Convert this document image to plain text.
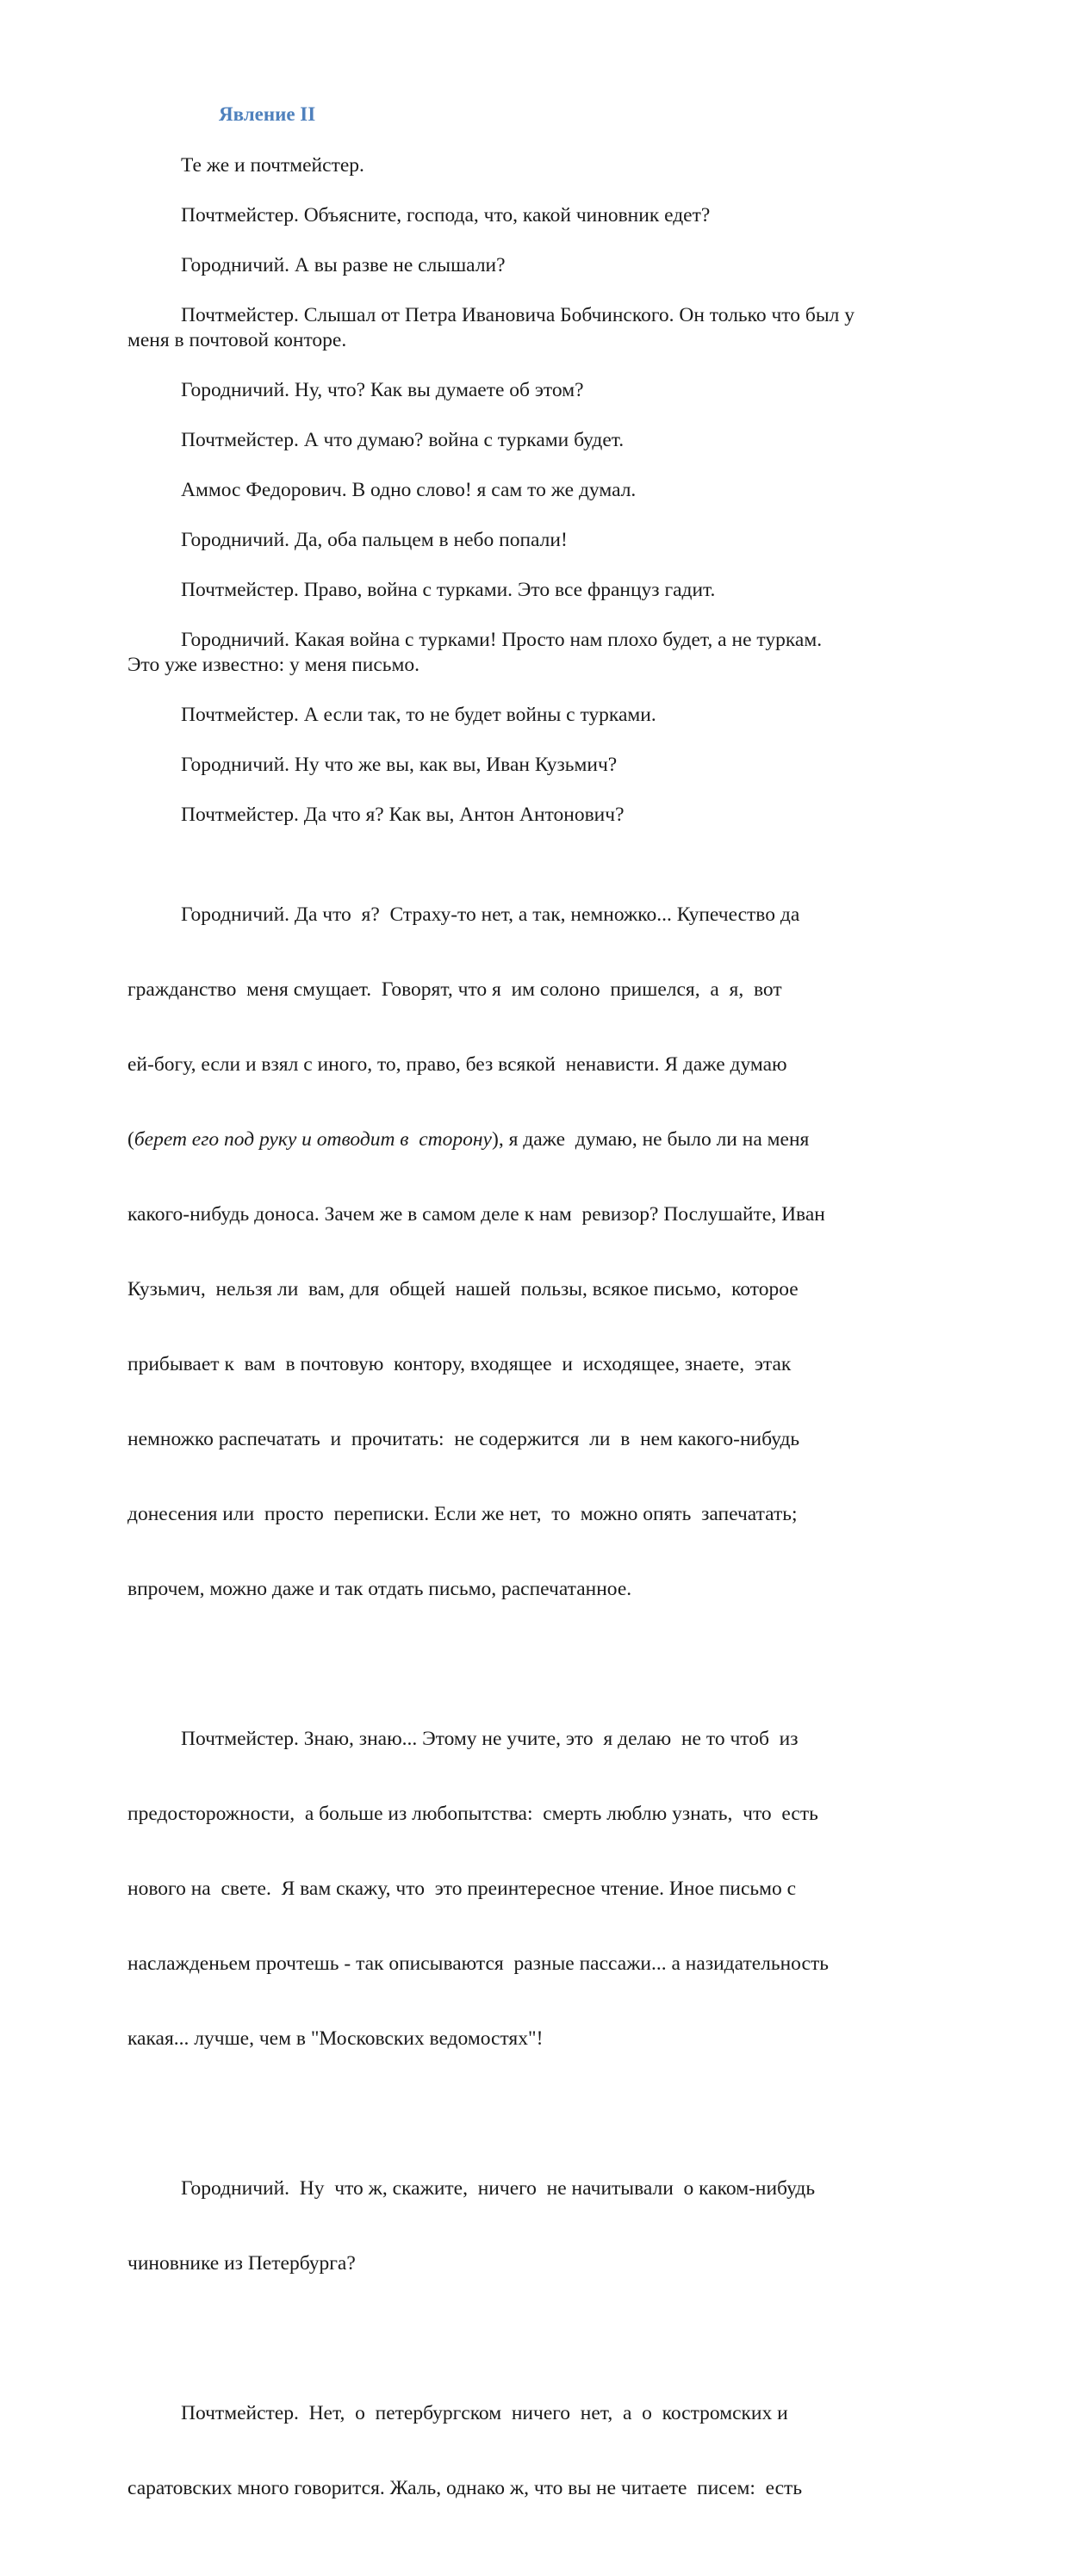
Явление II

Те же и почтмейстер.

Почтмейстер. Объясните, господа, что, какой чиновник едет?

Городничий. А вы разве не слышали?

Почтмейстер. Слышал от Петра Ивановича Бобчинского. Он только что был у
меня в почтовой конторе.

Городничий. Ну, что? Как вы думаете об этом?

Почтмейстер. А что думаю? война с турками будет.

Аммос Федорович. В одно слово! я сам то же думал.

Городничий. Да, оба пальцем в небо попали!

Почтмейстер. Право, война с турками. Это все француз гадит.

Городничий. Какая война с турками! Просто нам плохо будет, а не туркам.
Это уже известно: у меня письмо.

Почтмейстер. А если так, то не будет войны с турками.

Городничий. Ну что же вы, как вы, Иван Кузьмич?

Почтмейстер. Да что я? Как вы, Антон Антонович?

Городничий. Да что  я?  Страху-то нет, а так, немножко... Купечество да

гражданство  меня смущает.  Говорят, что я  им солоно  пришелся,  а  я,  вот

ей-богу, если и взял с иного, то, право, без всякой  ненависти. Я даже думаю

(берет его под руку и отводит в  сторону), я даже  думаю, не было ли на меня

какого-нибудь доноса. Зачем же в самом деле к нам  ревизор? Послушайте, Иван

Кузьмич,  нельзя ли  вам, для  общей  нашей  пользы, всякое письмо,  которое

прибывает к  вам  в почтовую  контору, входящее  и  исходящее, знаете,  этак

немножко распечатать  и  прочитать:  не содержится  ли  в  нем какого-нибудь

донесения или  просто  переписки. Если же нет,  то  можно опять  запечатать;

впрочем, можно даже и так отдать письмо, распечатанное.

Почтмейстер. Знаю, знаю... Этому не учите, это  я делаю  не то чтоб  из

предосторожности,  а больше из любопытства:  смерть люблю узнать,  что  есть

нового на  свете.  Я вам скажу, что  это преинтересное чтение. Иное письмо с

наслажденьем прочтешь - так описываются  разные пассажи... а назидательность

какая... лучше, чем в "Московских ведомостях"!

Городничий.  Ну  что ж, скажите,  ничего  не начитывали  о каком-нибудь

чиновнике из Петербурга?

Почтмейстер.  Нет,  о  петербургском  ничего  нет,  а  о  костромских и

саратовских много говорится. Жаль, однако ж, что вы не читаете  писем:  есть
